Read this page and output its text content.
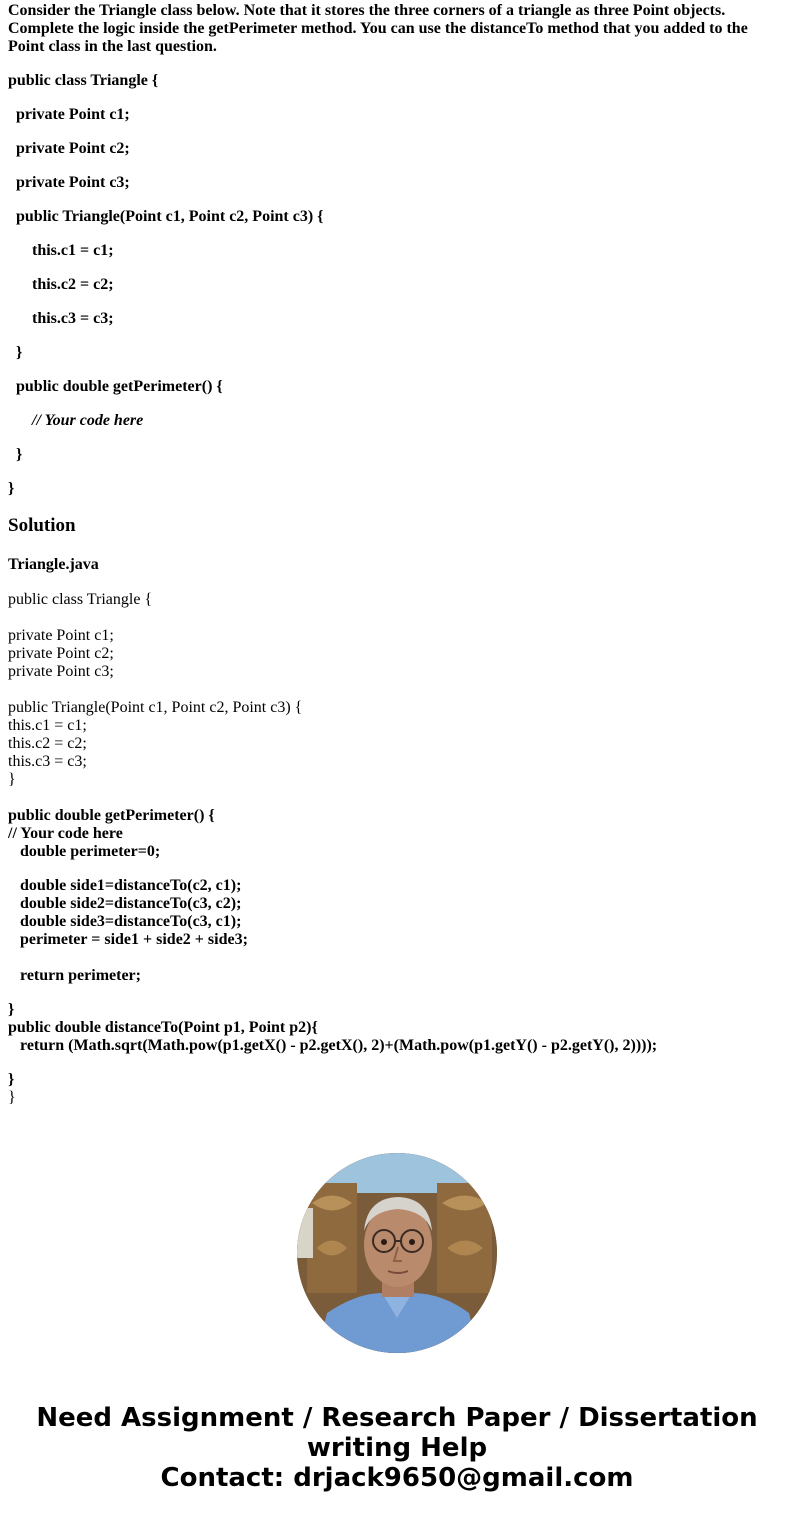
Consider the Triangle class below. Note that it stores the three corners of a triangle as three Point objects. Complete the logic inside the getPerimeter method. You can use the distanceTo method that you added to the Point class in the last question.
public class Triangle {
private Point c1;
private Point c2;
private Point c3;
public Triangle(Point c1, Point c2, Point c3) {
this.c1 = c1;
this.c2 = c2;
this.c3 = c3;
}
public double getPerimeter() {
// Your code here
}
}
Solution
Triangle.java
public class Triangle {
private Point c1;
private Point c2;
private Point c3;
public Triangle(Point c1, Point c2, Point c3) {
this.c1 = c1;
this.c2 = c2;
this.c3 = c3;
}
public double getPerimeter() {
// Your code here
double perimeter=0;
double side1=distanceTo(c2, c1);
double side2=distanceTo(c3, c2);
double side3=distanceTo(c3, c1);
perimeter = side1 + side2 + side3;
return perimeter;
}
public double distanceTo(Point p1, Point p2){
return (Math.sqrt(Math.pow(p1.getX() - p2.getX(), 2)+(Math.pow(p1.getY() - p2.getY(), 2))));
}
}
Need Assignment / Research Paper / Dissertation
writing Help
Contact: drjack9650@gmail.com
